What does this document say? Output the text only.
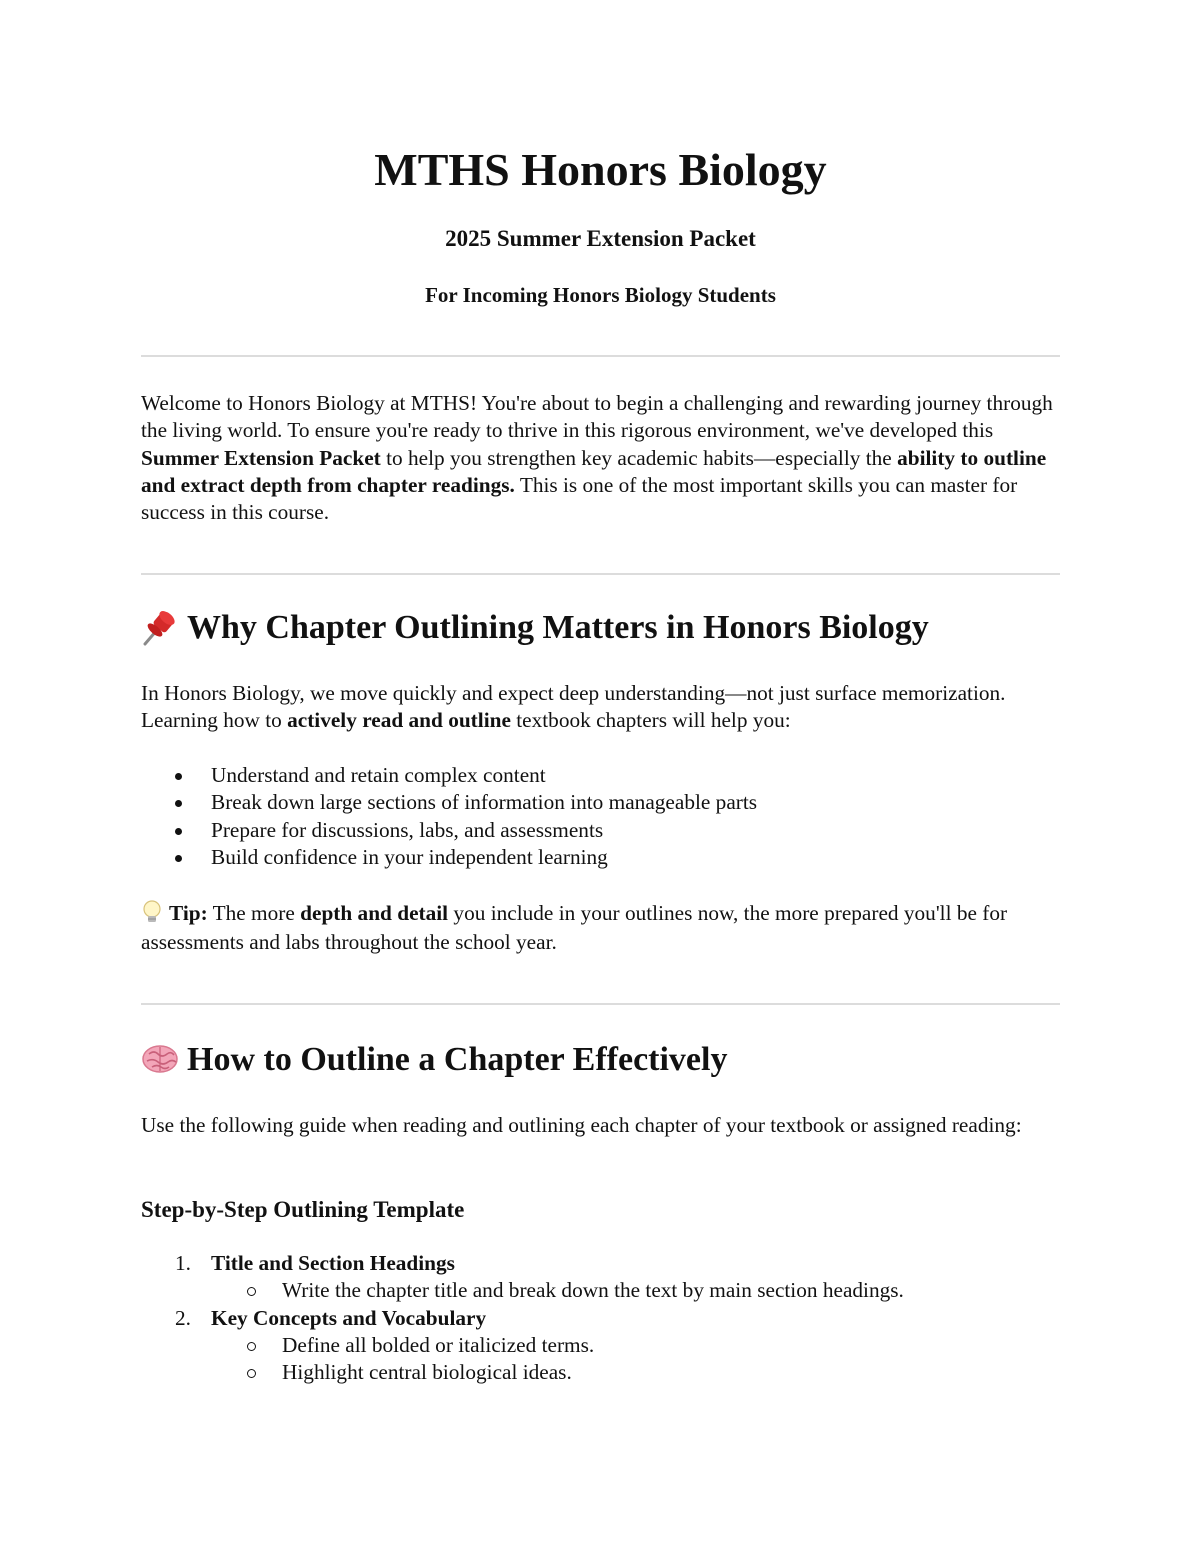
MTHS Honors Biology

2025 Summer Extension Packet

For Incoming Honors Biology Students

Welcome to Honors Biology at MTHS! You're about to begin a challenging and rewarding journey through the living world. To ensure you're ready to thrive in this rigorous environment, we've developed this Summer Extension Packet to help you strengthen key academic habits—especially the ability to outline and extract depth from chapter readings. This is one of the most important skills you can master for success in this course.

Why Chapter Outlining Matters in Honors Biology

In Honors Biology, we move quickly and expect deep understanding—not just surface memorization. Learning how to actively read and outline textbook chapters will help you:

Understand and retain complex content
Break down large sections of information into manageable parts
Prepare for discussions, labs, and assessments
Build confidence in your independent learning

Tip: The more depth and detail you include in your outlines now, the more prepared you'll be for assessments and labs throughout the school year.

How to Outline a Chapter Effectively

Use the following guide when reading and outlining each chapter of your textbook or assigned reading:

Step-by-Step Outlining Template
1. Title and Section Headings
Write the chapter title and break down the text by main section headings.
2. Key Concepts and Vocabulary
Define all bolded or italicized terms.
Highlight central biological ideas.
